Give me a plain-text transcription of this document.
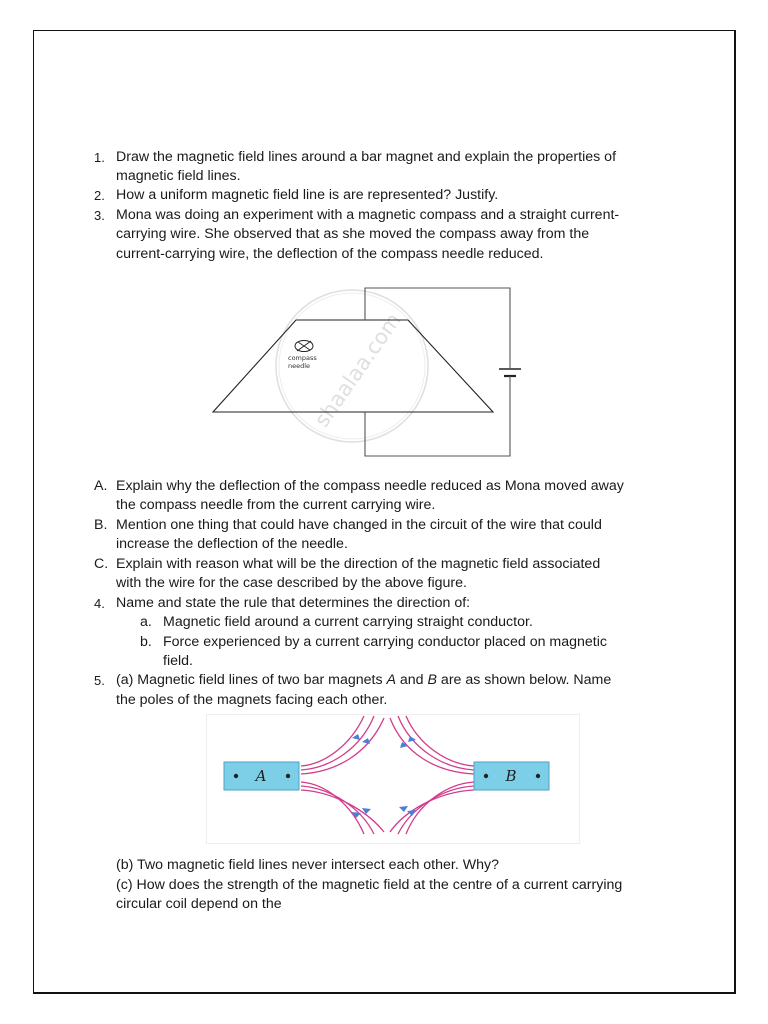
1. Draw the magnetic field lines around a bar magnet and explain the properties of
magnetic field lines.
2. How a uniform magnetic field line is are represented? Justify.
3. Mona was doing an experiment with a magnetic compass and a straight current-
carrying wire. She observed that as she moved the compass away from the
current-carrying wire, the deflection of the compass needle reduced.
shaalaa.com
compass
needle
A. Explain why the deflection of the compass needle reduced as Mona moved away
the compass needle from the current carrying wire.
B. Mention one thing that could have changed in the circuit of the wire that could
increase the deflection of the needle.
C. Explain with reason what will be the direction of the magnetic field associated
with the wire for the case described by the above figure.
4. Name and state the rule that determines the direction of:
a. Magnetic field around a current carrying straight conductor.
b. Force experienced by a current carrying conductor placed on magnetic
field.
5. (a) Magnetic field lines of two bar magnets A and B are as shown below. Name
the poles of the magnets facing each other.
A	B
(b) Two magnetic field lines never intersect each other. Why?
(c) How does the strength of the magnetic field at the centre of a current carrying
circular coil depend on the
